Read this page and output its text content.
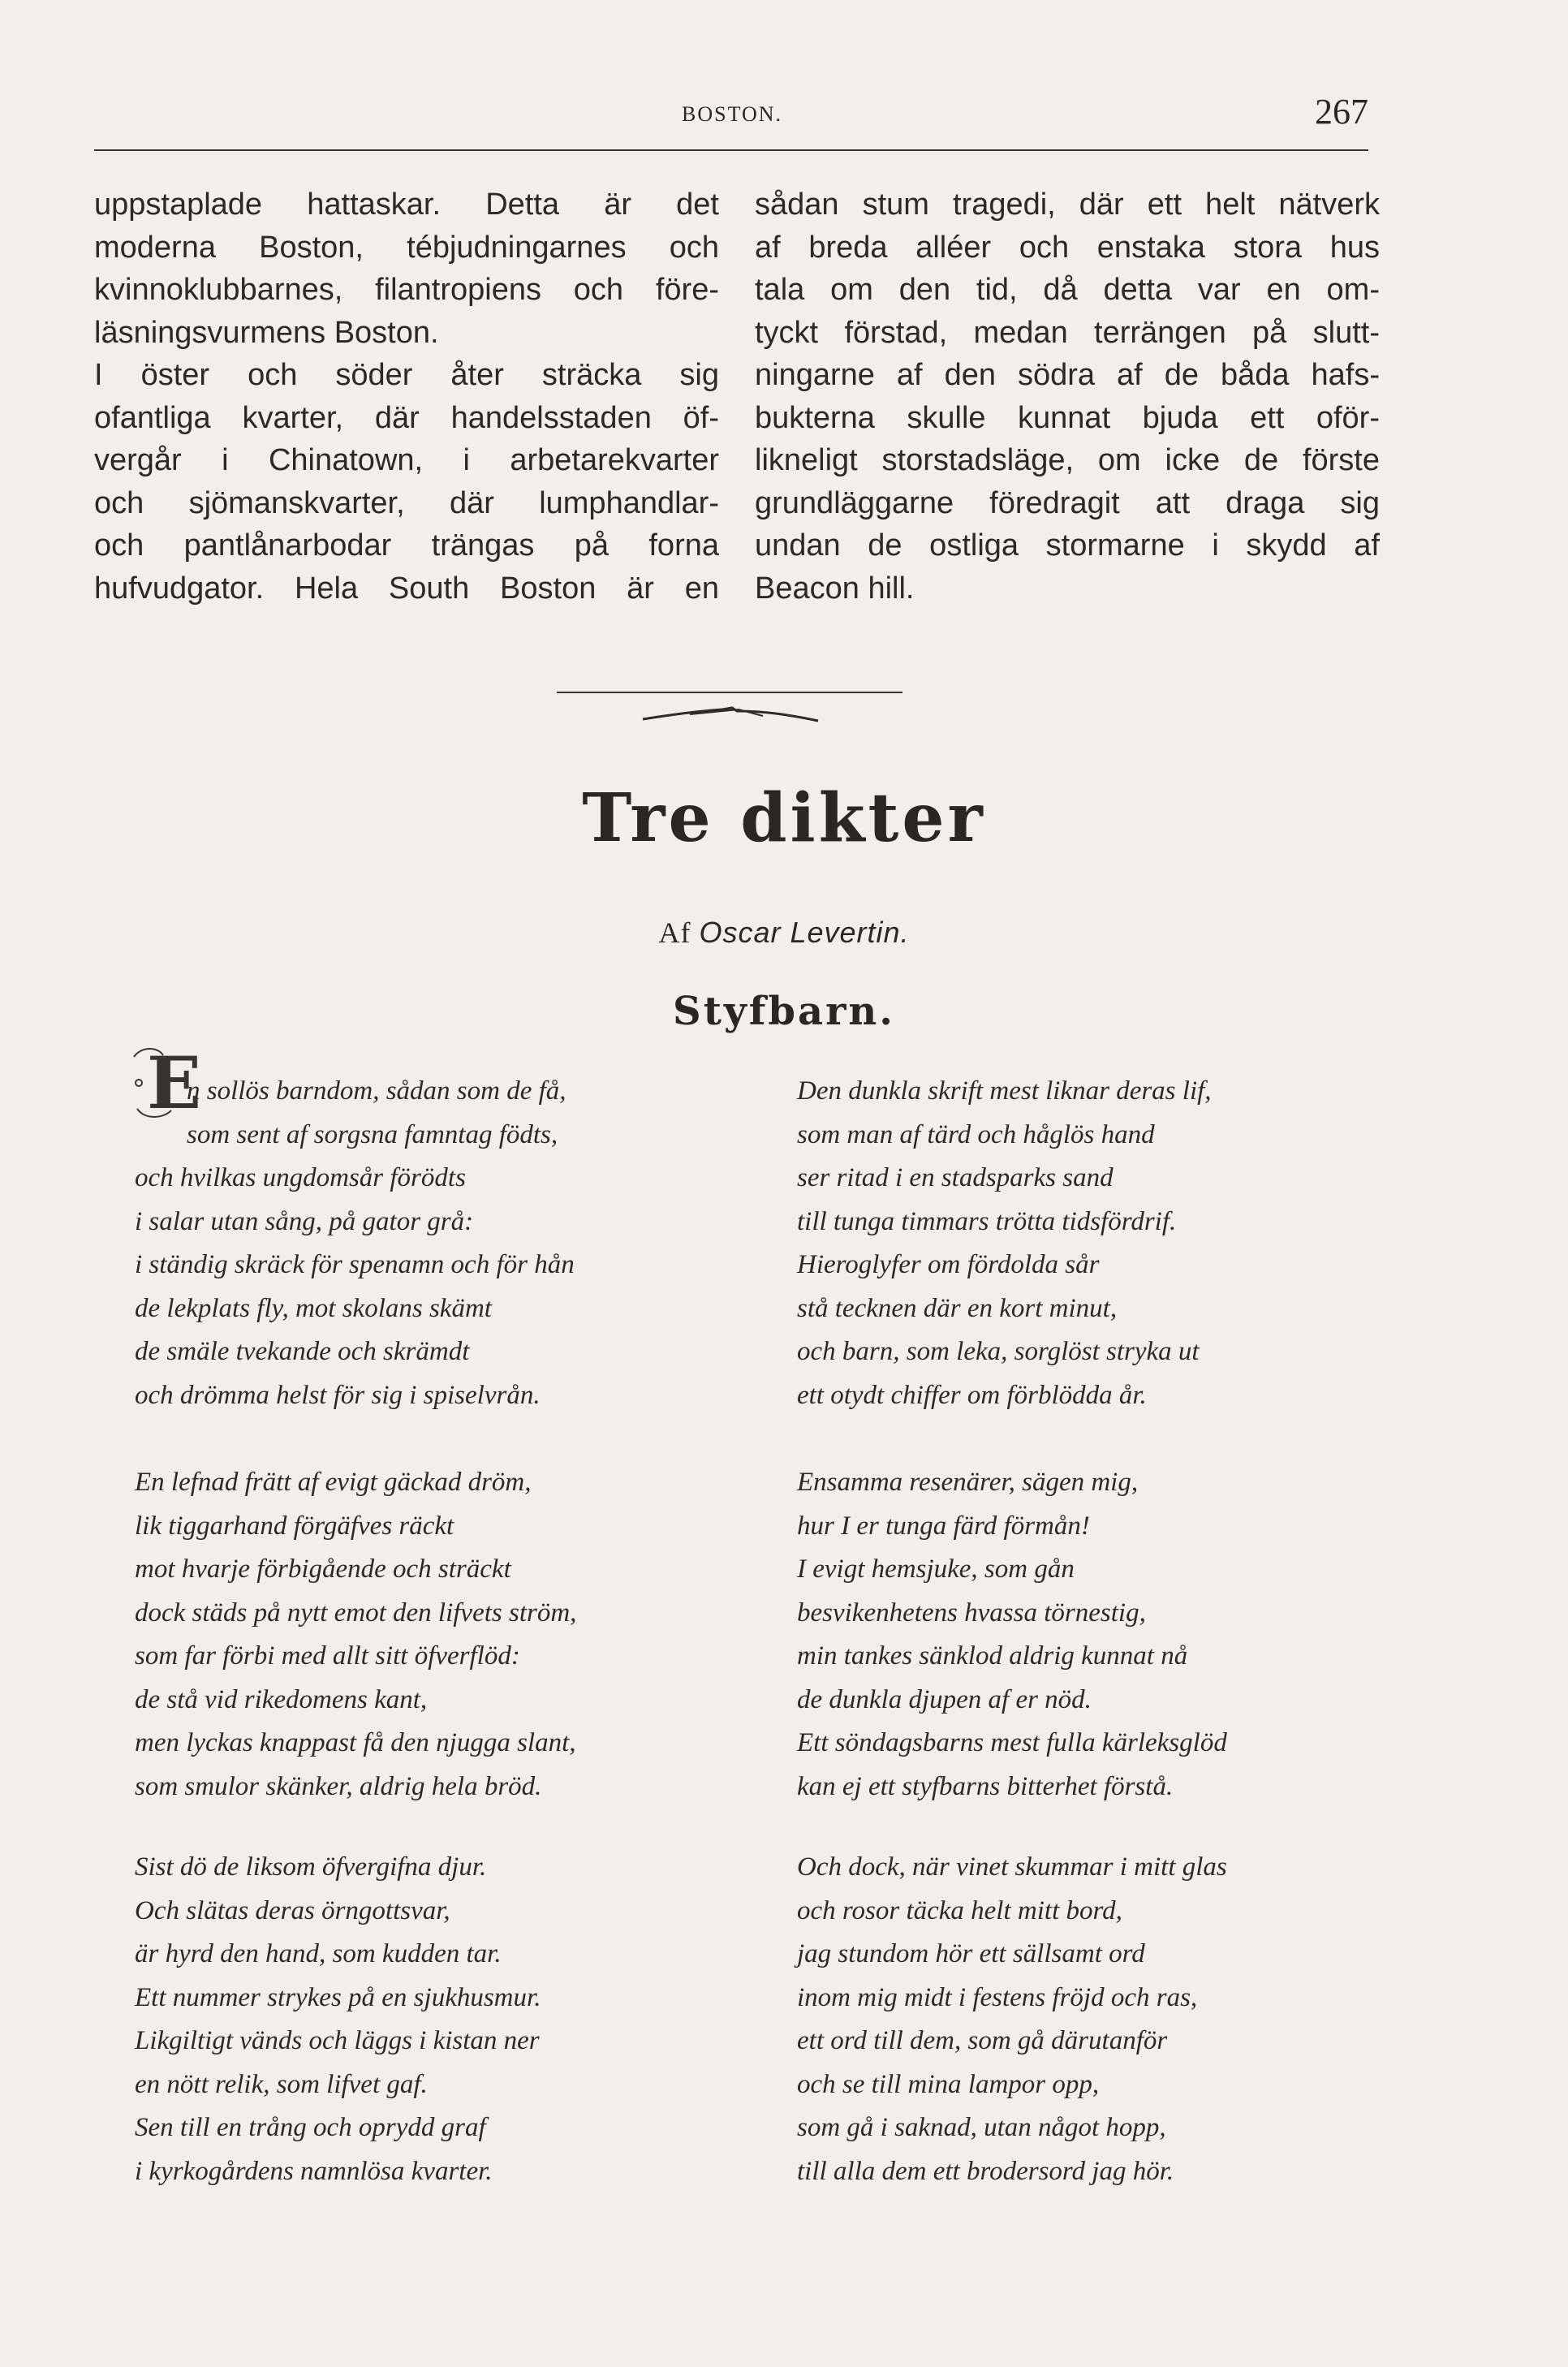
BOSTON.	267
uppstaplade hattaskar. Detta är det
moderna Boston, tébjudningarnes och
kvinnoklubbarnes, filantropiens och före-
läsningsvurmens Boston.
I öster och söder åter sträcka sig
ofantliga kvarter, där handelsstaden öf-
vergår i Chinatown, i arbetarekvarter
och sjömanskvarter, där lumphandlar-
och pantlånarbodar trängas på forna
hufvudgator. Hela South Boston är en
sådan stum tragedi, där ett helt nätverk
af breda alléer och enstaka stora hus
tala om den tid, då detta var en om-
tyckt förstad, medan terrängen på slutt-
ningarne af den södra af de båda hafs-
bukterna skulle kunnat bjuda ett oför-
likneligt storstadsläge, om icke de förste
grundläggarne föredragit att draga sig
undan de ostliga stormarne i skydd af
Beacon hill.
Tre dikter
Af Oscar Levertin.
Styfbarn.
E
n sollös barndom, sådan som de få,
som sent af sorgsna famntag födts,
och hvilkas ungdomsår förödts
i salar utan sång, på gator grå:
i ständig skräck för spenamn och för hån
de lekplats fly, mot skolans skämt
de smäle tvekande och skrämdt
och drömma helst för sig i spiselvrån.
Den dunkla skrift mest liknar deras lif,
som man af tärd och håglös hand
ser ritad i en stadsparks sand
till tunga timmars trötta tidsfördrif.
Hieroglyfer om fördolda sår
stå tecknen där en kort minut,
och barn, som leka, sorglöst stryka ut
ett otydt chiffer om förblödda år.
En lefnad frätt af evigt gäckad dröm,
lik tiggarhand förgäfves räckt
mot hvarje förbigående och sträckt
dock städs på nytt emot den lifvets ström,
som far förbi med allt sitt öfverflöd:
de stå vid rikedomens kant,
men lyckas knappast få den njugga slant,
som smulor skänker, aldrig hela bröd.
Ensamma resenärer, sägen mig,
hur I er tunga färd förmån!
I evigt hemsjuke, som gån
besvikenhetens hvassa törnestig,
min tankes sänklod aldrig kunnat nå
de dunkla djupen af er nöd.
Ett söndagsbarns mest fulla kärleksglöd
kan ej ett styfbarns bitterhet förstå.
Sist dö de liksom öfvergifna djur.
Och slätas deras örngottsvar,
är hyrd den hand, som kudden tar.
Ett nummer strykes på en sjukhusmur.
Likgiltigt vänds och läggs i kistan ner
en nött relik, som lifvet gaf.
Sen till en trång och oprydd graf
i kyrkogårdens namnlösa kvarter.
Och dock, när vinet skummar i mitt glas
och rosor täcka helt mitt bord,
jag stundom hör ett sällsamt ord
inom mig midt i festens fröjd och ras,
ett ord till dem, som gå därutanför
och se till mina lampor opp,
som gå i saknad, utan något hopp,
till alla dem ett brodersord jag hör.
